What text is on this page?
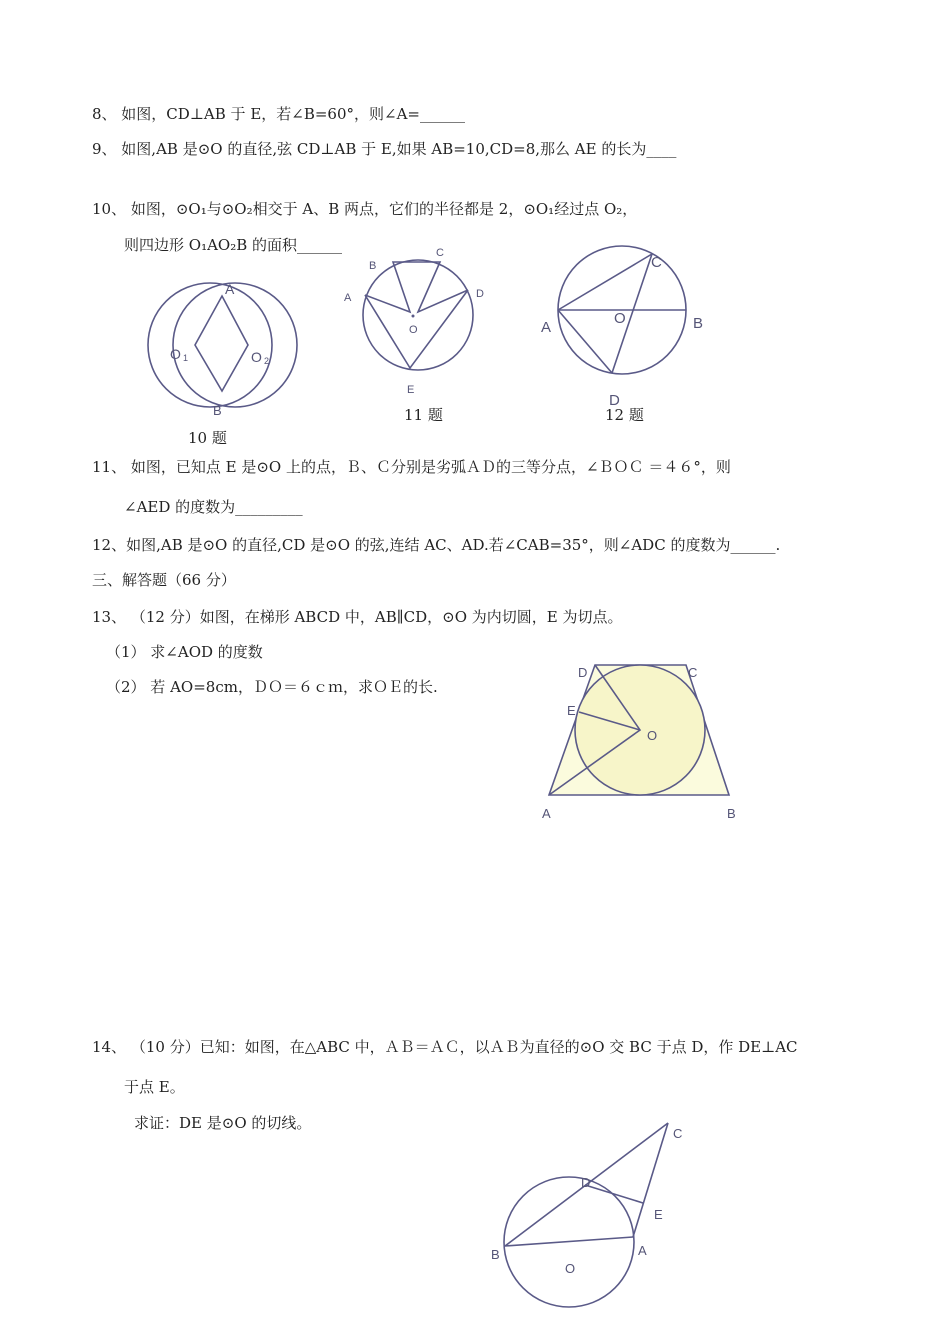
8、 如图，CD⊥AB 于 E，若∠B=60°，则∠A=______
9、 如图,AB 是⊙O 的直径,弦 CD⊥AB 于 E,如果 AB=10,CD=8,那么 AE 的长为____
10、 如图，⊙O₁与⊙O₂相交于 A、B 两点，它们的半径都是 2，⊙O₁经过点 O₂，
则四边形 O₁AO₂B 的面积______
A
B
O 1	O 2
10 题
A
B
C
D
E
O
11 题
A	B
C
D
O
12 题
11、 如图，已知点 E 是⊙O 上的点，Ｂ、Ｃ分别是劣弧ＡＤ的三等分点，∠ＢＯＣ ＝４６°，则
∠AED 的度数为_________
12、如图,AB 是⊙O 的直径,CD 是⊙O 的弦,连结 AC、AD.若∠CAB=35°，则∠ADC 的度数为______.
三、解答题（66 分）
13、 （12 分）如图，在梯形 ABCD 中，AB∥CD，⊙O 为内切圆，E 为切点。
（1） 求∠AOD 的度数
（2） 若 AO=8cm，ＤＯ＝６ｃｍ，求ＯＥ的长.
D	C
E
O
A	B
14、 （10 分）已知：如图，在△ABC 中，ＡＢ＝ＡＣ，以ＡＢ为直径的⊙O 交 BC 于点 D，作 DE⊥AC
于点 E。
求证：DE 是⊙O 的切线。
C
D
E
A
B
O
